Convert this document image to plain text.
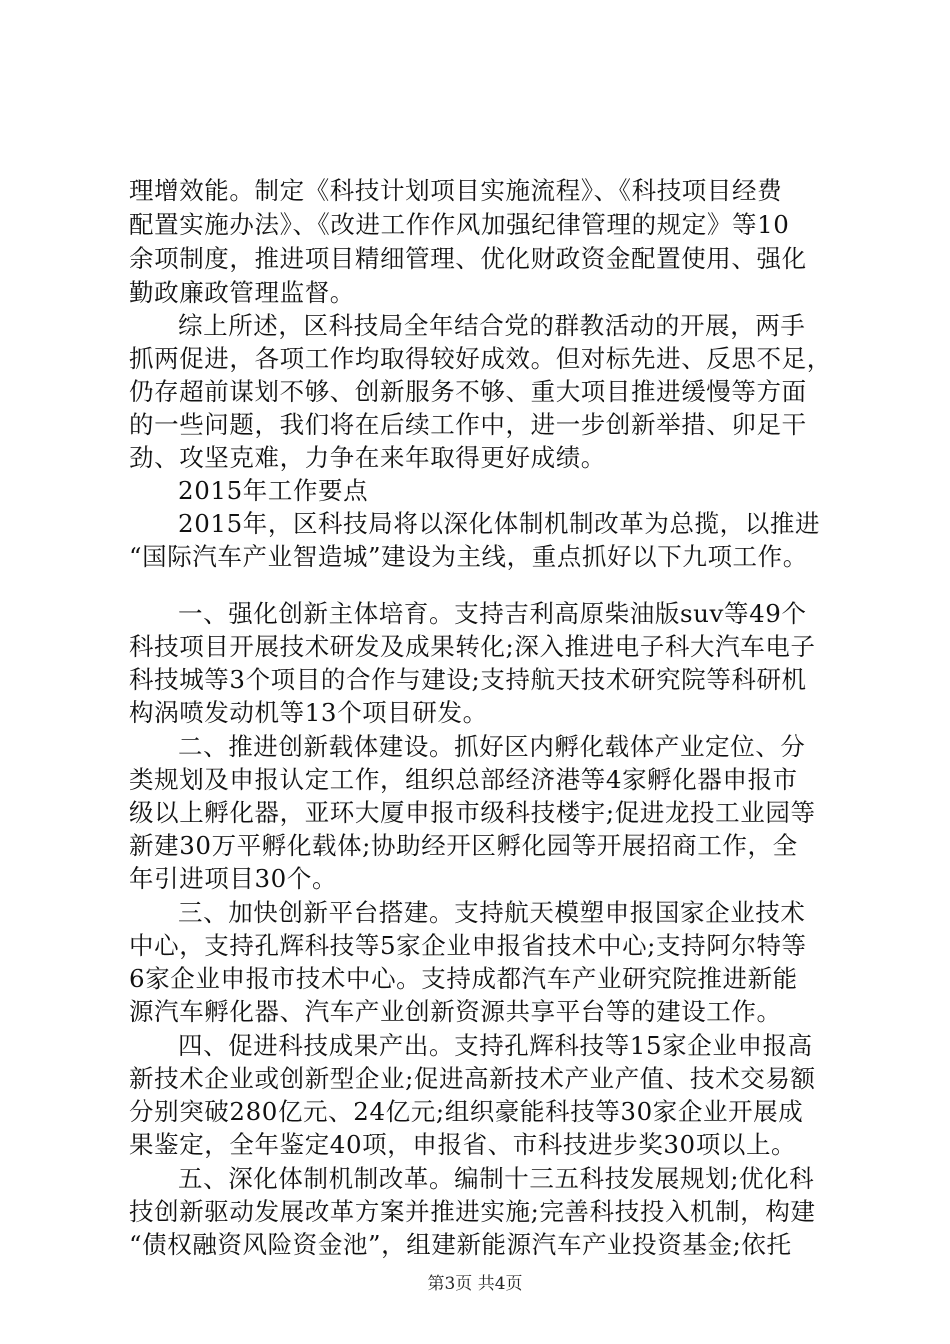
理增效能。制定《科技计划项目实施流程》、《科技项目经费
配置实施办法》、《改进工作作风加强纪律管理的规定》等10
余项制度，推进项目精细管理、优化财政资金配置使用、强化
勤政廉政管理监督。
综上所述，区科技局全年结合党的群教活动的开展，两手
抓两促进，各项工作均取得较好成效。但对标先进、反思不足，
仍存超前谋划不够、创新服务不够、重大项目推进缓慢等方面
的一些问题，我们将在后续工作中，进一步创新举措、卯足干
劲、攻坚克难，力争在来年取得更好成绩。
2015年工作要点
2015年，区科技局将以深化体制机制改革为总揽，以推进
“国际汽车产业智造城”建设为主线，重点抓好以下九项工作。
一、强化创新主体培育。支持吉利高原柴油版suv等49个
科技项目开展技术研发及成果转化;深入推进电子科大汽车电子
科技城等3个项目的合作与建设;支持航天技术研究院等科研机
构涡喷发动机等13个项目研发。
二、推进创新载体建设。抓好区内孵化载体产业定位、分
类规划及申报认定工作，组织总部经济港等4家孵化器申报市
级以上孵化器，亚环大厦申报市级科技楼宇;促进龙投工业园等
新建30万平孵化载体;协助经开区孵化园等开展招商工作，全
年引进项目30个。
三、加快创新平台搭建。支持航天模塑申报国家企业技术
中心，支持孔辉科技等5家企业申报省技术中心;支持阿尔特等
6家企业申报市技术中心。支持成都汽车产业研究院推进新能
源汽车孵化器、汽车产业创新资源共享平台等的建设工作。
四、促进科技成果产出。支持孔辉科技等15家企业申报高
新技术企业或创新型企业;促进高新技术产业产值、技术交易额
分别突破280亿元、24亿元;组织豪能科技等30家企业开展成
果鉴定，全年鉴定40项，申报省、市科技进步奖30项以上。
五、深化体制机制改革。编制十三五科技发展规划;优化科
技创新驱动发展改革方案并推进实施;完善科技投入机制，构建
“债权融资风险资金池”，组建新能源汽车产业投资基金;依托
第3页 共4页
